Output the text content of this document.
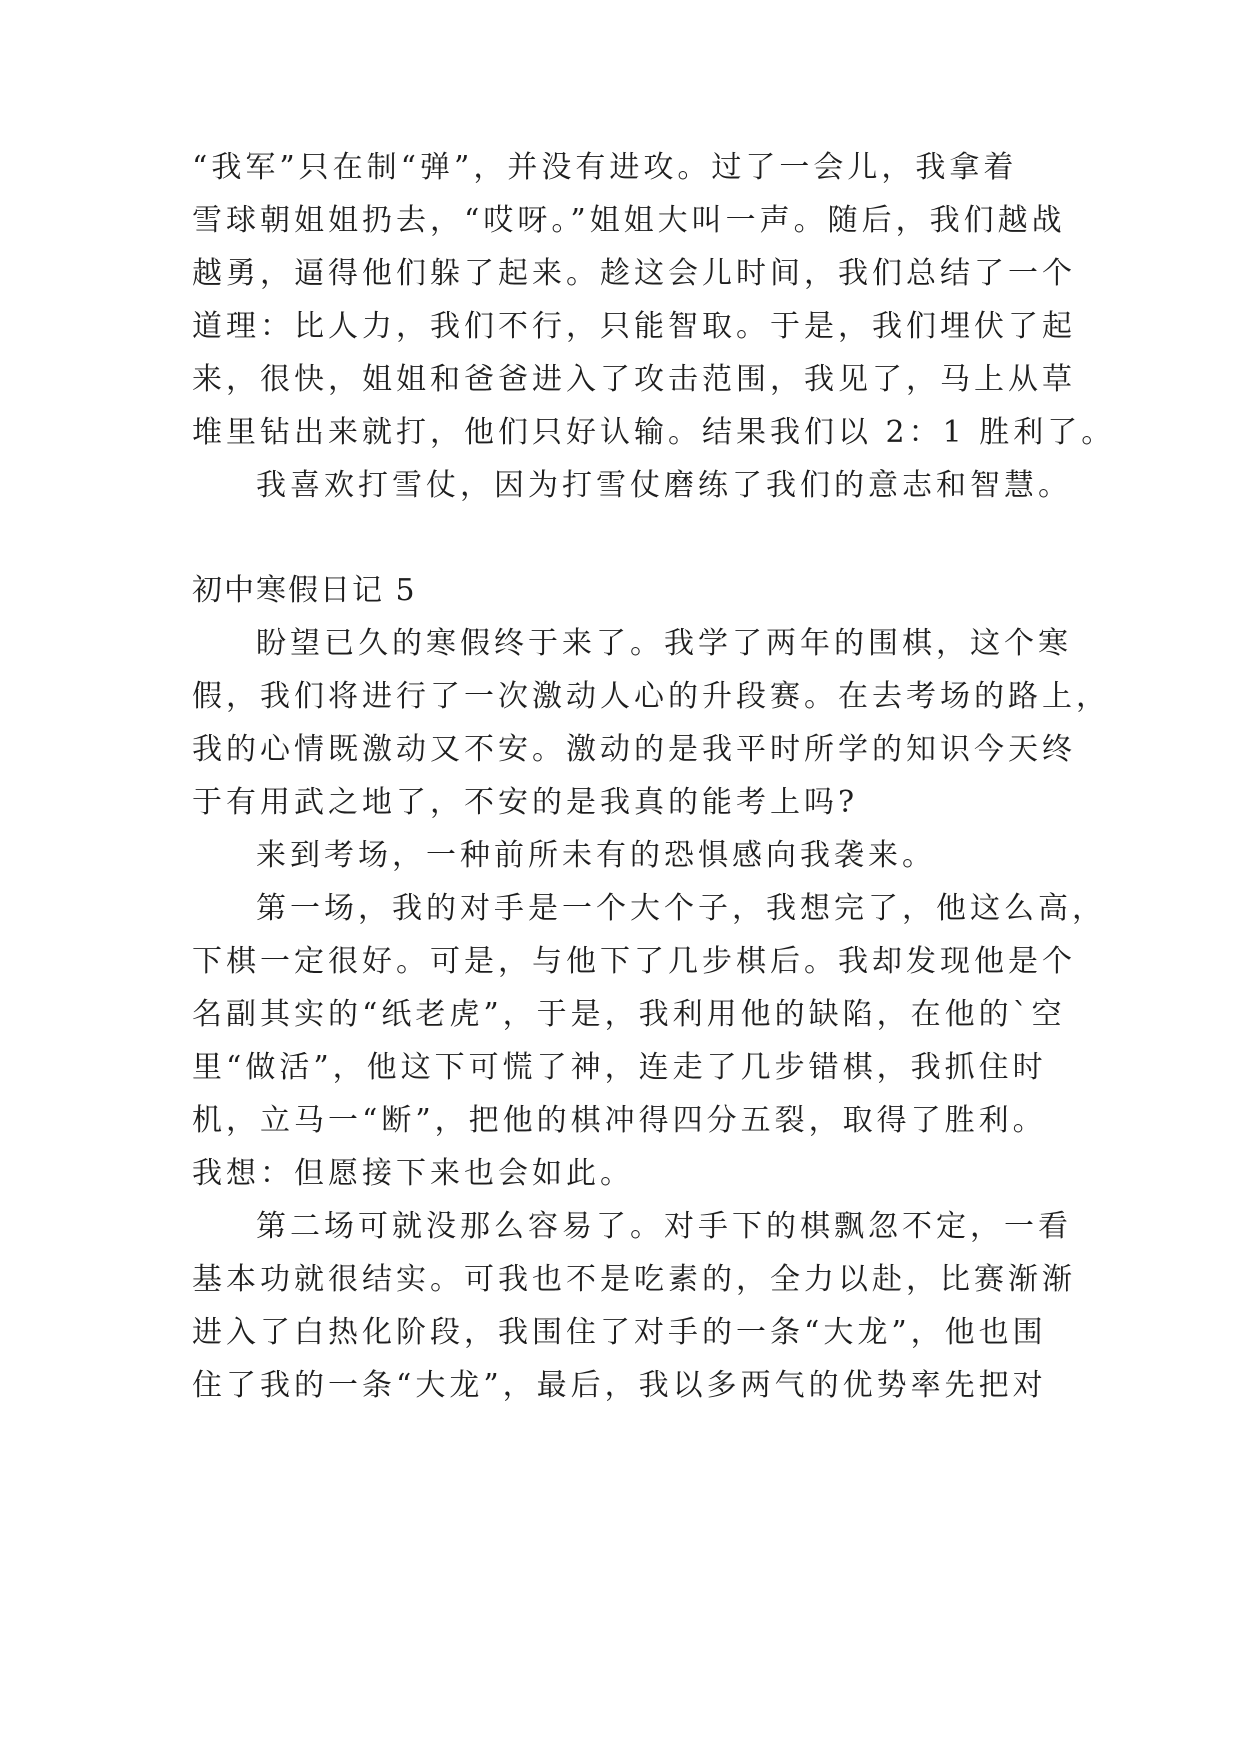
“我军”只在制“弹”，并没有进攻。过了一会儿，我拿着
雪球朝姐姐扔去，“哎呀。”姐姐大叫一声。随后，我们越战
越勇，逼得他们躲了起来。趁这会儿时间，我们总结了一个
道理：比人力，我们不行，只能智取。于是，我们埋伏了起
来，很快，姐姐和爸爸进入了攻击范围，我见了，马上从草
堆里钻出来就打，他们只好认输。结果我们以 2：1 胜利了。
我喜欢打雪仗，因为打雪仗磨练了我们的意志和智慧。
初中寒假日记 5
盼望已久的寒假终于来了。我学了两年的围棋，这个寒
假，我们将进行了一次激动人心的升段赛。在去考场的路上，
我的心情既激动又不安。激动的是我平时所学的知识今天终
于有用武之地了，不安的是我真的能考上吗?
来到考场，一种前所未有的恐惧感向我袭来。
第一场，我的对手是一个大个子，我想完了，他这么高，
下棋一定很好。可是，与他下了几步棋后。我却发现他是个
名副其实的“纸老虎”，于是，我利用他的缺陷，在他的`空
里“做活”，他这下可慌了神，连走了几步错棋，我抓住时
机，立马一“断”，把他的棋冲得四分五裂，取得了胜利。
我想：但愿接下来也会如此。
第二场可就没那么容易了。对手下的棋飘忽不定，一看
基本功就很结实。可我也不是吃素的，全力以赴，比赛渐渐
进入了白热化阶段，我围住了对手的一条“大龙”，他也围
住了我的一条“大龙”，最后，我以多两气的优势率先把对
